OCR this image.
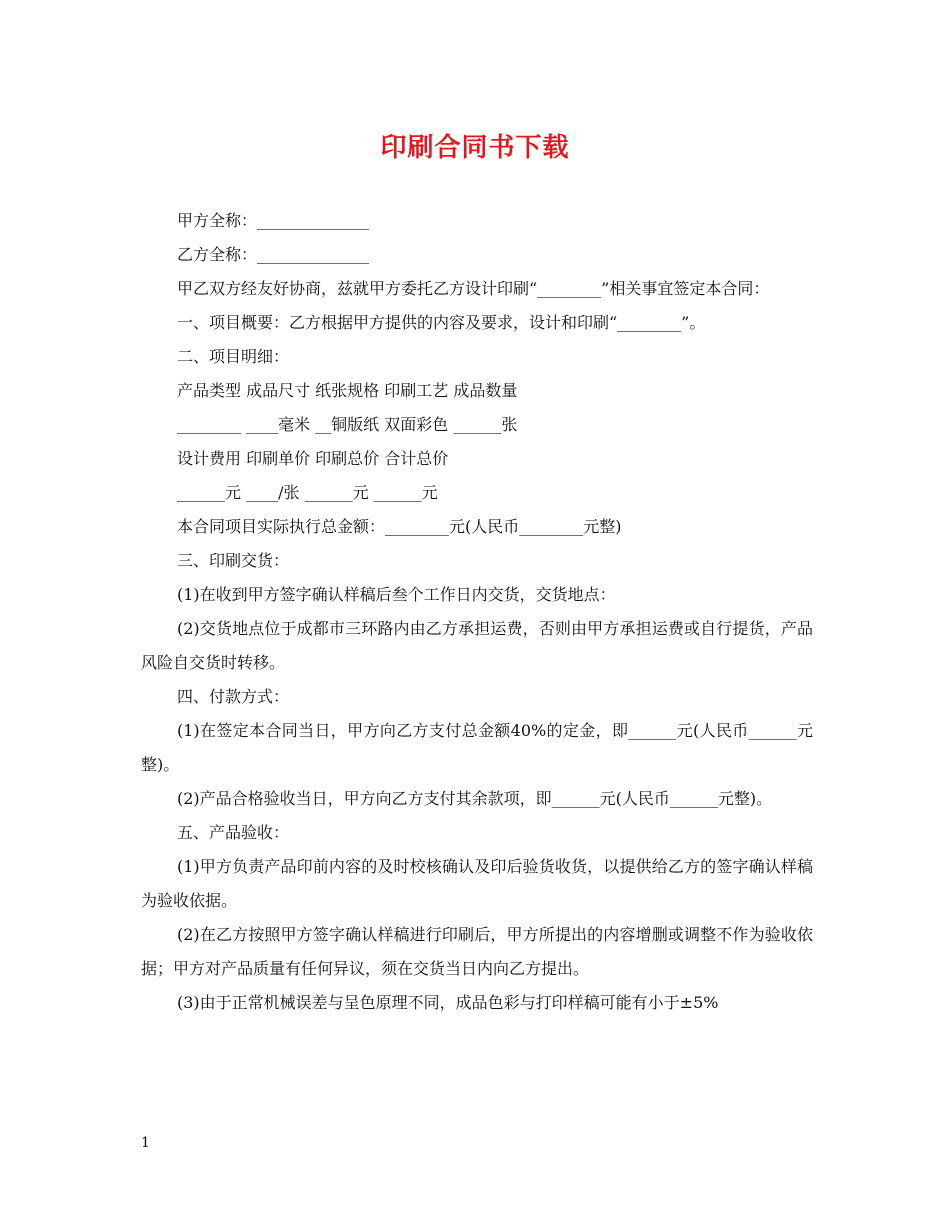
印刷合同书下载

甲方全称：______________

乙方全称：______________

甲乙双方经友好协商，兹就甲方委托乙方设计印刷“________”相关事宜签定本合同：

一、项目概要：乙方根据甲方提供的内容及要求，设计和印刷“________”。

二、项目明细：

产品类型 成品尺寸 纸张规格 印刷工艺 成品数量

________ ____毫米 __铜版纸 双面彩色 ______张

设计费用 印刷单价 印刷总价 合计总价

______元 ____/张 ______元 ______元

本合同项目实际执行总金额：________元(人民币________元整)

三、印刷交货：

(1)在收到甲方签字确认样稿后叁个工作日内交货，交货地点：

(2)交货地点位于成都市三环路内由乙方承担运费，否则由甲方承担运费或自行提货，产品风险自交货时转移。

四、付款方式：

(1)在签定本合同当日，甲方向乙方支付总金额40%的定金，即______元(人民币______元整)。

(2)产品合格验收当日，甲方向乙方支付其余款项，即______元(人民币______元整)。

五、产品验收：

(1)甲方负责产品印前内容的及时校核确认及印后验货收货，以提供给乙方的签字确认样稿为验收依据。

(2)在乙方按照甲方签字确认样稿进行印刷后，甲方所提出的内容增删或调整不作为验收依据；甲方对产品质量有任何异议，须在交货当日内向乙方提出。

(3)由于正常机械误差与呈色原理不同，成品色彩与打印样稿可能有小于±5%

1
